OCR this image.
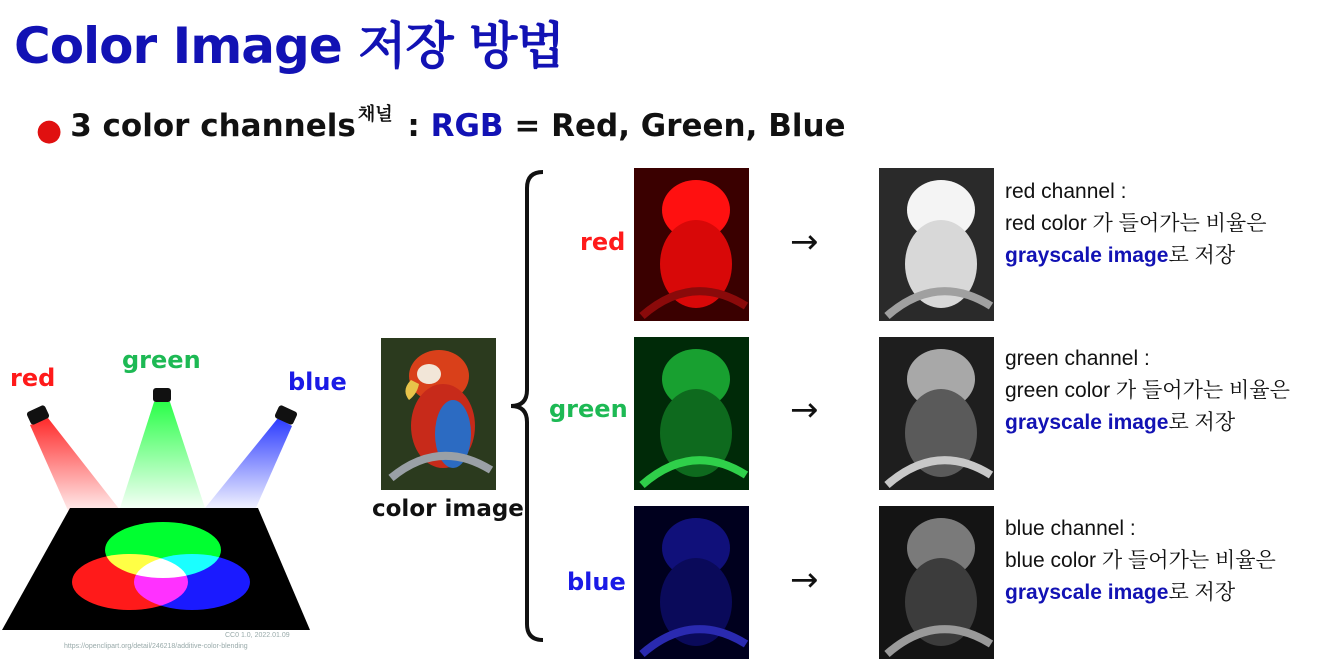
Color Image 저장 방법
● 3 color channels $^{채널}$ : RGB = Red, Green, Blue
red
green
blue
CC0 1.0, 2022.01.09
https://openclipart.org/detail/246218/additive-color-blending
color image
red	→
red channel :
red color 가 들어가는 비율은
grayscale image로 저장
green	→
green channel :
green color 가 들어가는 비율은
grayscale image로 저장
blue	→
blue channel :
blue color 가 들어가는 비율은
grayscale image로 저장
